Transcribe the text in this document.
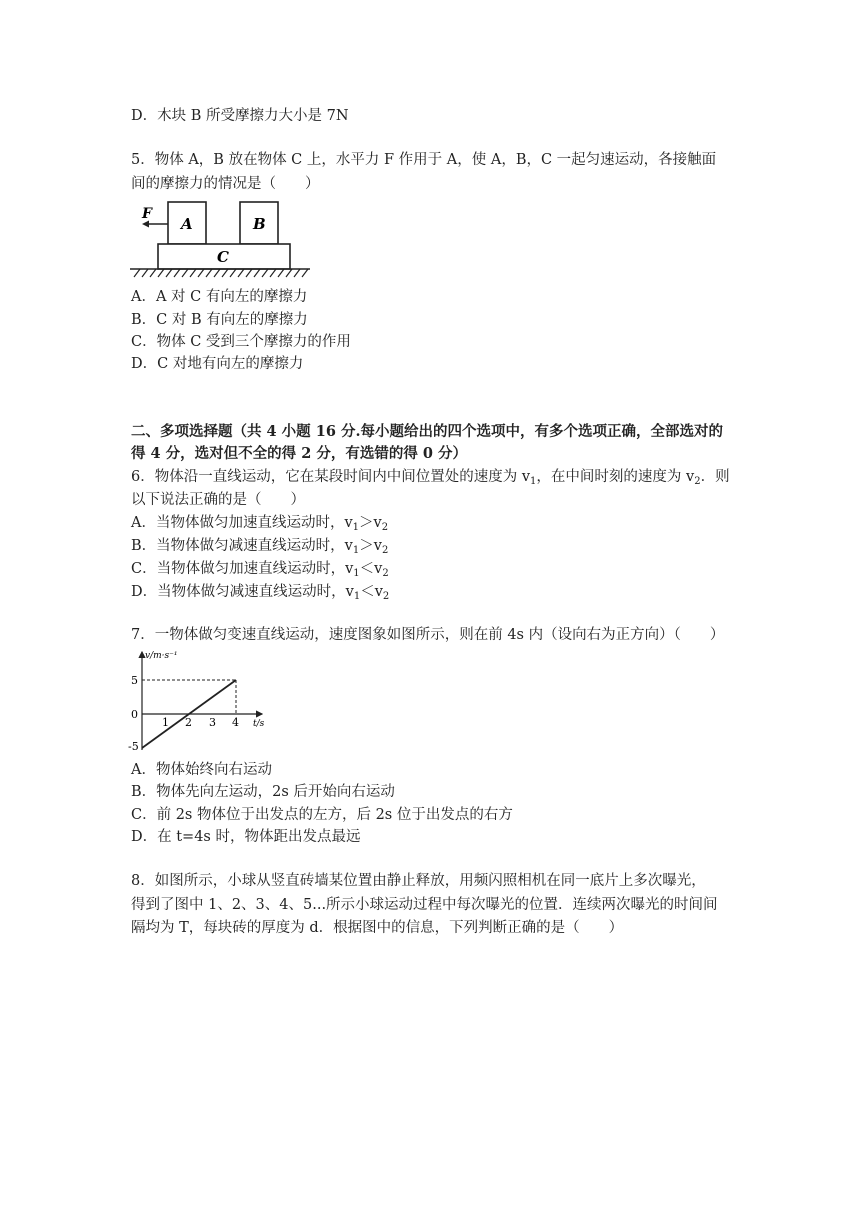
D．木块 B 所受摩擦力大小是 7N
5．物体 A，B 放在物体 C 上，水平力 F 作用于 A，使 A，B，C 一起匀速运动，各接触面
间的摩擦力的情况是（　　）
F
A	B
C
A．A 对 C 有向左的摩擦力
B．C 对 B 有向左的摩擦力
C．物体 C 受到三个摩擦力的作用
D．C 对地有向左的摩擦力
二、多项选择题（共 4 小题 16 分.每小题给出的四个选项中，有多个选项正确，全部选对的
得 4 分，选对但不全的得 2 分，有选错的得 0 分）
6．物体沿一直线运动，它在某段时间内中间位置处的速度为 $v_1$，在中间时刻的速度为 $v_2$．则
以下说法正确的是（　　）
A．当物体做匀加速直线运动时，$v_1>v_2$
B．当物体做匀减速直线运动时，$v_1>v_2$
C．当物体做匀加速直线运动时，$v_1<v_2$
D．当物体做匀减速直线运动时，$v_1<v_2$
7．一物体做匀变速直线运动，速度图象如图所示，则在前 4s 内（设向右为正方向）（　　）
v/m·s⁻¹
t/s
5
0
-5
1 2 3 4
A．物体始终向右运动
B．物体先向左运动，2s 后开始向右运动
C．前 2s 物体位于出发点的左方，后 2s 位于出发点的右方
D．在 t=4s 时，物体距出发点最远
8．如图所示，小球从竖直砖墙某位置由静止释放，用频闪照相机在同一底片上多次曝光，
得到了图中 1、2、3、4、5...所示小球运动过程中每次曝光的位置．连续两次曝光的时间间
隔均为 T，每块砖的厚度为 d．根据图中的信息，下列判断正确的是（　　）
